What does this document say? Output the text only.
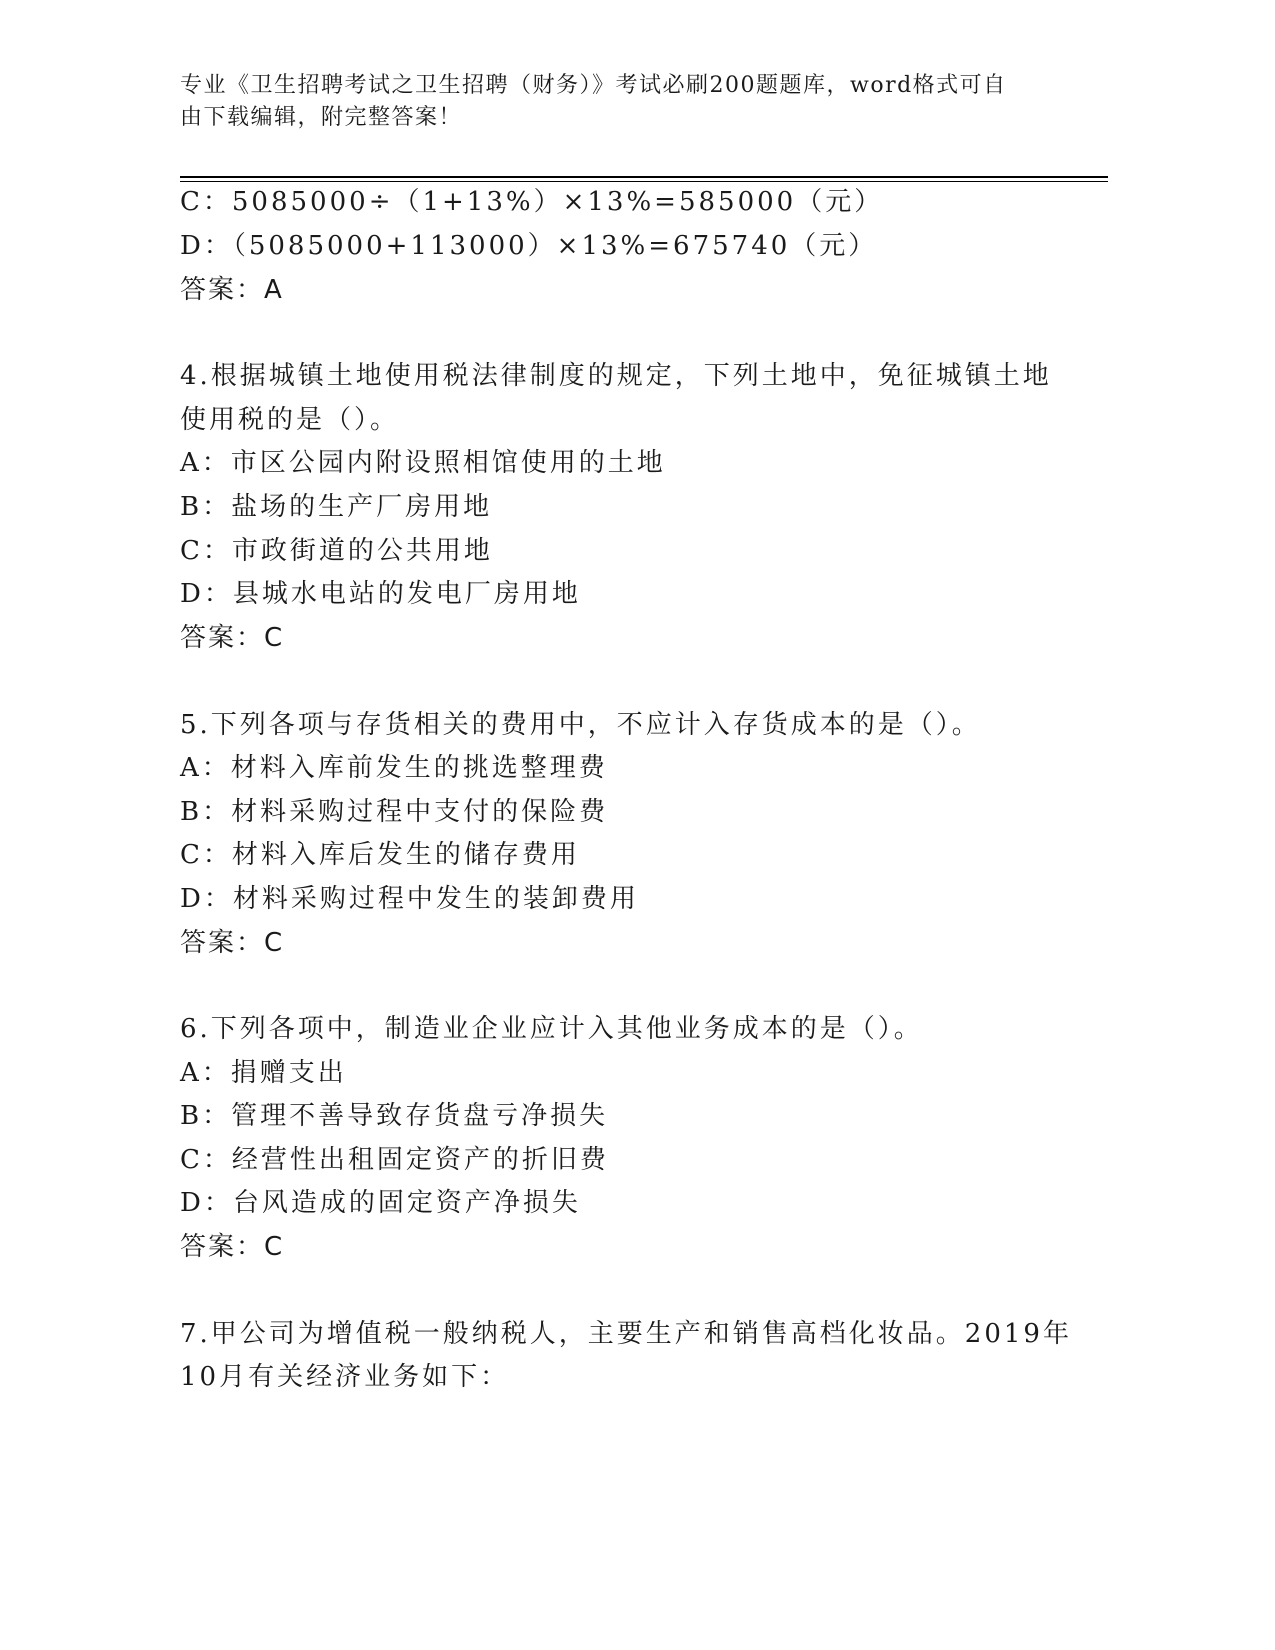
专业《卫生招聘考试之卫生招聘（财务）》考试必刷200题题库，word格式可自
由下载编辑，附完整答案！
C：5085000÷（1+13%）×13%=585000（元）
D：（5085000+113000）×13%=675740（元）
答案：A
4.根据城镇土地使用税法律制度的规定，下列土地中，免征城镇土地
使用税的是（）。
A：市区公园内附设照相馆使用的土地
B：盐场的生产厂房用地
C：市政街道的公共用地
D：县城水电站的发电厂房用地
答案：C
5.下列各项与存货相关的费用中，不应计入存货成本的是（）。
A：材料入库前发生的挑选整理费
B：材料采购过程中支付的保险费
C：材料入库后发生的储存费用
D：材料采购过程中发生的装卸费用
答案：C
6.下列各项中，制造业企业应计入其他业务成本的是（）。
A：捐赠支出
B：管理不善导致存货盘亏净损失
C：经营性出租固定资产的折旧费
D：台风造成的固定资产净损失
答案：C
7.甲公司为增值税一般纳税人，主要生产和销售高档化妆品。2019年
10月有关经济业务如下：
